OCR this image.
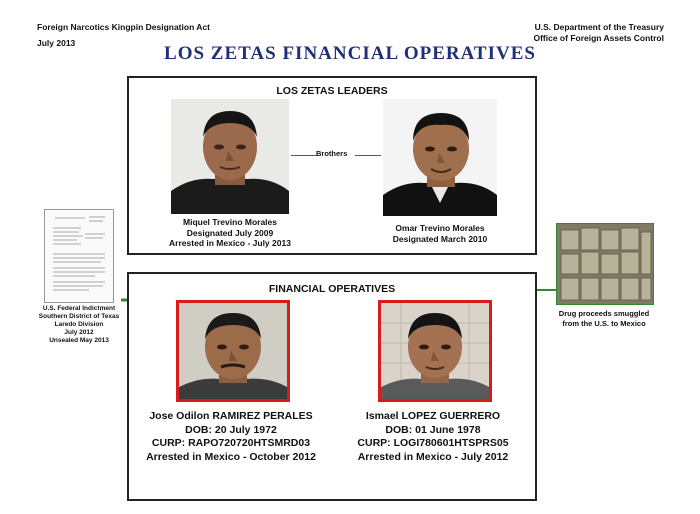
Foreign Narcotics Kingpin Designation Act
July 2013
U.S. Department of the Treasury
Office of Foreign Assets Control
LOS ZETAS FINANCIAL OPERATIVES
LOS ZETAS LEADERS
Brothers
Miquel Trevino Morales
Designated July 2009
Arrested in Mexico - July 2013
Omar Trevino Morales
Designated March 2010
U.S. Federal Indictment
Southern District of Texas
Laredo Division
July 2012
Unsealed May 2013
Drug proceeds smuggled
from the U.S. to Mexico
FINANCIAL OPERATIVES
Jose Odilon RAMIREZ PERALES
DOB: 20 July 1972
CURP: RAPO720720HTSMRD03
Arrested in Mexico - October 2012
Ismael LOPEZ GUERRERO
DOB: 01 June 1978
CURP: LOGI780601HTSPRS05
Arrested in Mexico - July 2012
